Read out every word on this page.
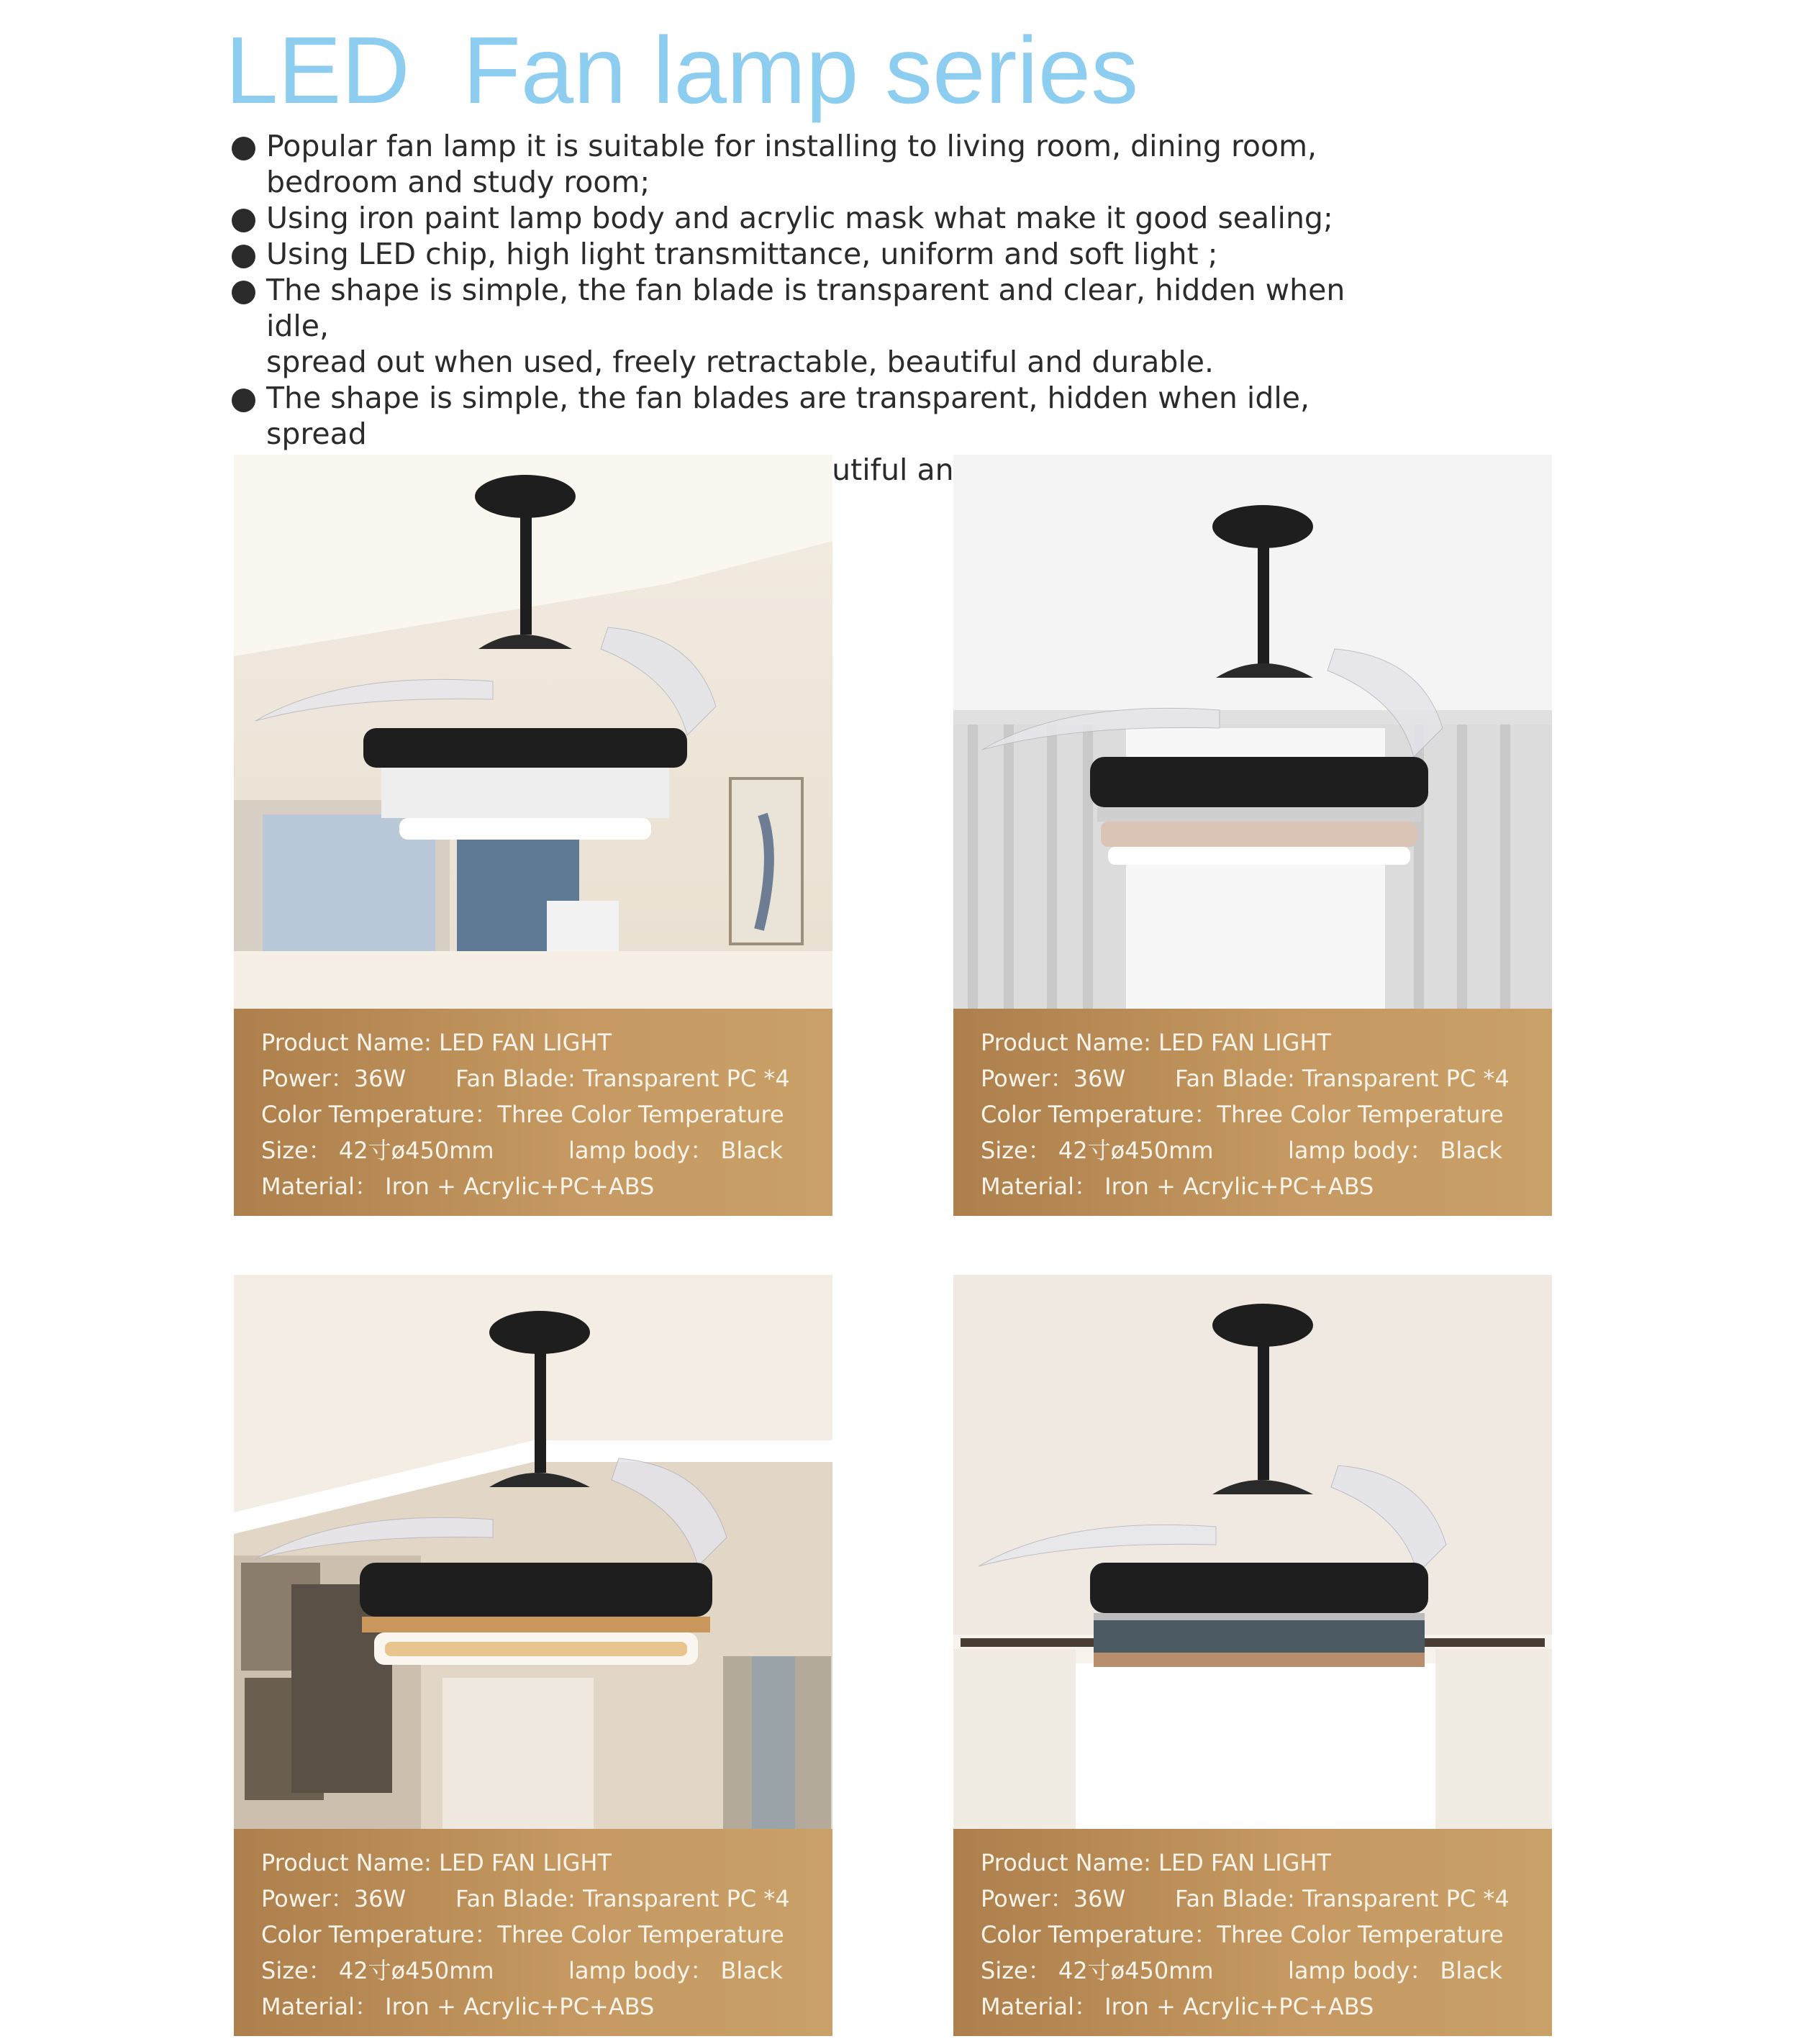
LED  Fan lamp series
Popular fan lamp it is suitable for installing to living room, dining room,
bedroom and study room;
Using iron paint lamp body and acrylic mask what make it good sealing;
Using LED chip, high light transmittance, uniform and soft light ;
The shape is simple, the fan blade is transparent and clear, hidden when idle,
spread out when used, freely retractable, beautiful and durable.
The shape is simple, the fan blades are transparent, hidden when idle, spread
beautiful and
Product Name: LED FAN LIGHT
Power：36W Fan Blade: Transparent PC *4
Color Temperature：Three Color Temperature
Size： 42寸ø450mm	lamp body： Black
Material： Iron + Acrylic+PC+ABS
Product Name: LED FAN LIGHT
Power：36W Fan Blade: Transparent PC *4
Color Temperature：Three Color Temperature
Size： 42寸ø450mm	lamp body： Black
Material： Iron + Acrylic+PC+ABS
Product Name: LED FAN LIGHT
Power：36W Fan Blade: Transparent PC *4
Color Temperature：Three Color Temperature
Size： 42寸ø450mm	lamp body： Black
Material： Iron + Acrylic+PC+ABS
Product Name: LED FAN LIGHT
Power：36W Fan Blade: Transparent PC *4
Color Temperature：Three Color Temperature
Size： 42寸ø450mm	lamp body： Black
Material： Iron + Acrylic+PC+ABS
